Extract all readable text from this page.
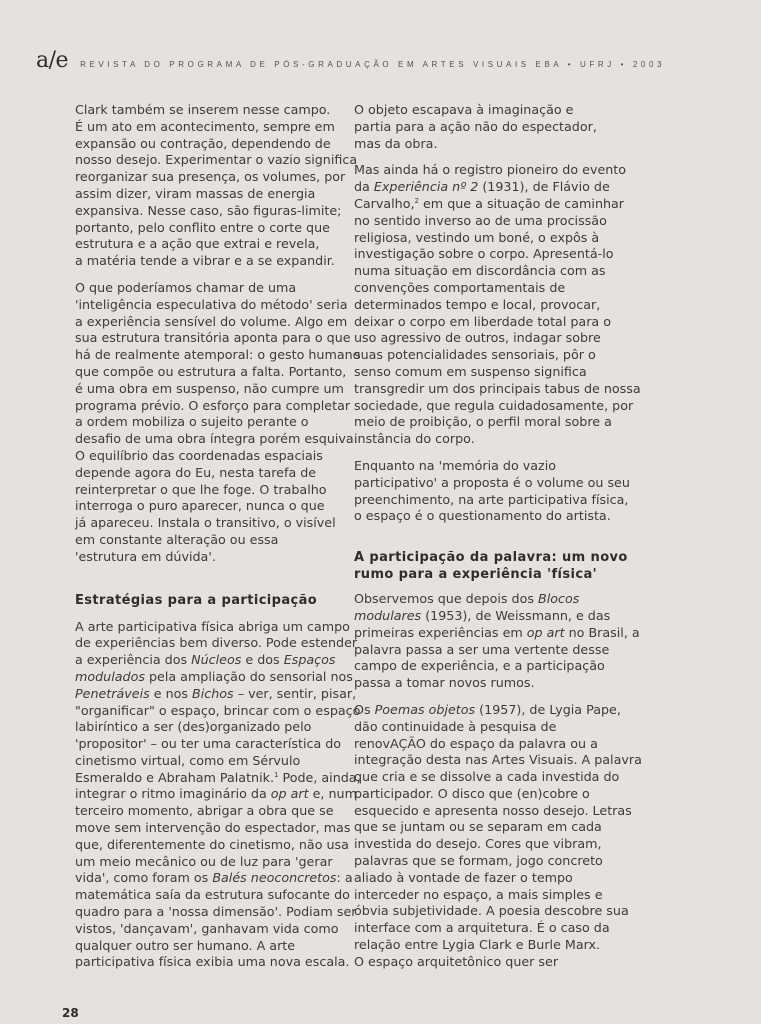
a/e REVISTA DO PROGRAMA DE PÓS-GRADUAÇÃO EM ARTES VISUAIS EBA • UFRJ • 2003

Clark também se inserem nesse campo.
É um ato em acontecimento, sempre em
expansão ou contração, dependendo de
nosso desejo. Experimentar o vazio significa
reorganizar sua presença, os volumes, por
assim dizer, viram massas de energia
expansiva. Nesse caso, são figuras-limite;
portanto, pelo conflito entre o corte que
estrutura e a ação que extrai e revela,
a matéria tende a vibrar e a se expandir.

O que poderíamos chamar de uma
'inteligência especulativa do método' seria
a experiência sensível do volume. Algo em
sua estrutura transitória aponta para o que
há de realmente atemporal: o gesto humano
que compõe ou estrutura a falta. Portanto,
é uma obra em suspenso, não cumpre um
programa prévio. O esforço para completar
a ordem mobiliza o sujeito perante o
desafio de uma obra íntegra porém esquiva.
O equilíbrio das coordenadas espaciais
depende agora do Eu, nesta tarefa de
reinterpretar o que lhe foge. O trabalho
interroga o puro aparecer, nunca o que
já apareceu. Instala o transitivo, o visível
em constante alteração ou essa
'estrutura em dúvida'.

Estratégias para a participação

A arte participativa física abriga um campo
de experiências bem diverso. Pode estender
a experiência dos Núcleos e dos Espaços
modulados pela ampliação do sensorial nos
Penetráveis e nos Bichos – ver, sentir, pisar,
"organificar" o espaço, brincar com o espaço
labiríntico a ser (des)organizado pelo
'propositor' – ou ter uma característica do
cinetismo virtual, como em Sérvulo
Esmeraldo e Abraham Palatnik.$^1$ Pode, ainda,
integrar o ritmo imaginário da op art e, num
terceiro momento, abrigar a obra que se
move sem intervenção do espectador, mas
que, diferentemente do cinetismo, não usa
um meio mecânico ou de luz para 'gerar
vida', como foram os Balés neoconcretos: a
matemática saía da estrutura sufocante do
quadro para a 'nossa dimensão'. Podiam ser
vistos, 'dançavam', ganhavam vida como
qualquer outro ser humano. A arte
participativa física exibia uma nova escala.

O objeto escapava à imaginação e
partia para a ação não do espectador,
mas da obra.

Mas ainda há o registro pioneiro do evento
da Experiência nº 2 (1931), de Flávio de
Carvalho,$^2$ em que a situação de caminhar
no sentido inverso ao de uma procissão
religiosa, vestindo um boné, o expôs à
investigação sobre o corpo. Apresentá-lo
numa situação em discordância com as
convenções comportamentais de
determinados tempo e local, provocar,
deixar o corpo em liberdade total para o
uso agressivo de outros, indagar sobre
suas potencialidades sensoriais, pôr o
senso comum em suspenso significa
transgredir um dos principais tabus de nossa
sociedade, que regula cuidadosamente, por
meio de proibição, o perfil moral sobre a
instância do corpo.

Enquanto na 'memória do vazio
participativo' a proposta é o volume ou seu
preenchimento, na arte participativa física,
o espaço é o questionamento do artista.

A participação da palavra: um novo
rumo para a experiência 'física'

Observemos que depois dos Blocos
modulares (1953), de Weissmann, e das
primeiras experiências em op art no Brasil, a
palavra passa a ser uma vertente desse
campo de experiência, e a participação
passa a tomar novos rumos.

Os Poemas objetos (1957), de Lygia Pape,
dão continuidade à pesquisa de
renovAÇÃO do espaço da palavra ou a
integração desta nas Artes Visuais. A palavra
que cria e se dissolve a cada investida do
participador. O disco que (en)cobre o
esquecido e apresenta nosso desejo. Letras
que se juntam ou se separam em cada
investida do desejo. Cores que vibram,
palavras que se formam, jogo concreto
aliado à vontade de fazer o tempo
interceder no espaço, a mais simples e
óbvia subjetividade. A poesia descobre sua
interface com a arquitetura. É o caso da
relação entre Lygia Clark e Burle Marx.
O espaço arquitetônico quer ser

28
